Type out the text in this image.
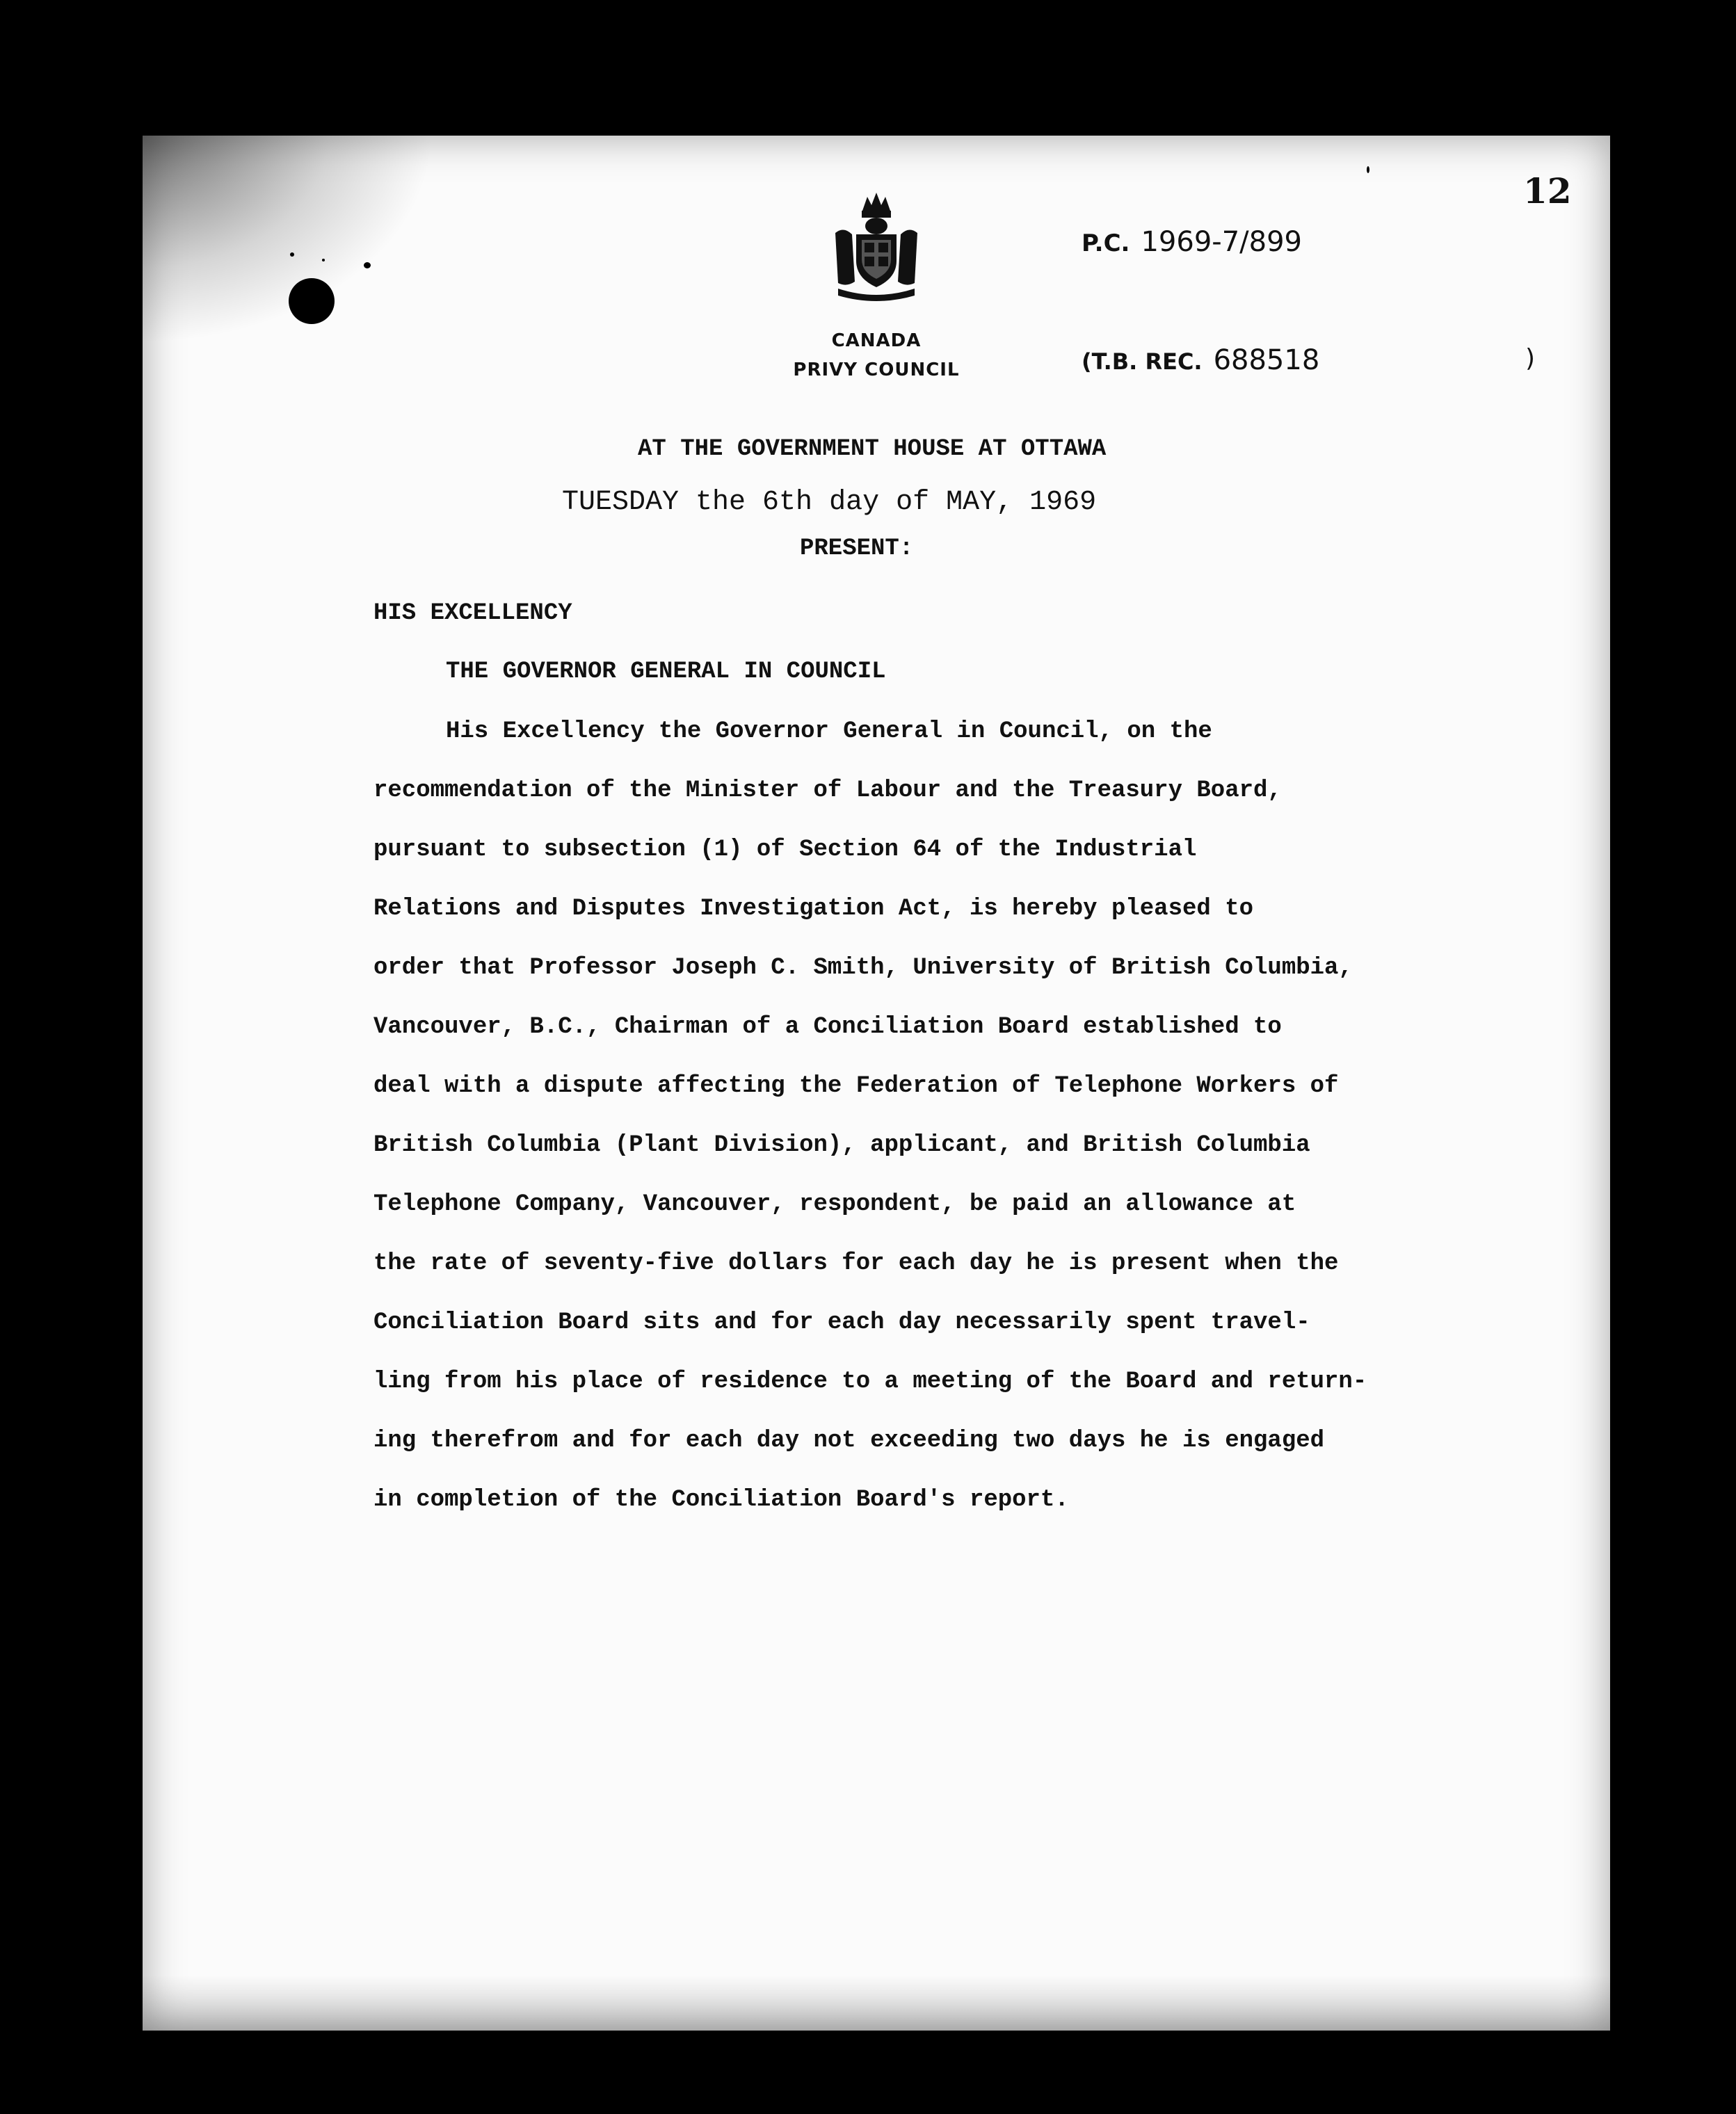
12
CANADA
PRIVY COUNCIL
P.C. 1969-7/899
(T.B. REC. 688518	)
AT THE GOVERNMENT HOUSE AT OTTAWA
TUESDAY the 6th day of MAY, 1969
PRESENT:
HIS EXCELLENCY
THE GOVERNOR GENERAL IN COUNCIL
His Excellency the Governor General in Council, on the
recommendation of the Minister of Labour and the Treasury Board,
pursuant to subsection (1) of Section 64 of the Industrial
Relations and Disputes Investigation Act, is hereby pleased to
order that Professor Joseph C. Smith, University of British Columbia,
Vancouver, B.C., Chairman of a Conciliation Board established to
deal with a dispute affecting the Federation of Telephone Workers of
British Columbia (Plant Division), applicant, and British Columbia
Telephone Company, Vancouver, respondent, be paid an allowance at
the rate of seventy-five dollars for each day he is present when the
Conciliation Board sits and for each day necessarily spent travel-
ling from his place of residence to a meeting of the Board and return-
ing therefrom and for each day not exceeding two days he is engaged
in completion of the Conciliation Board's report.
